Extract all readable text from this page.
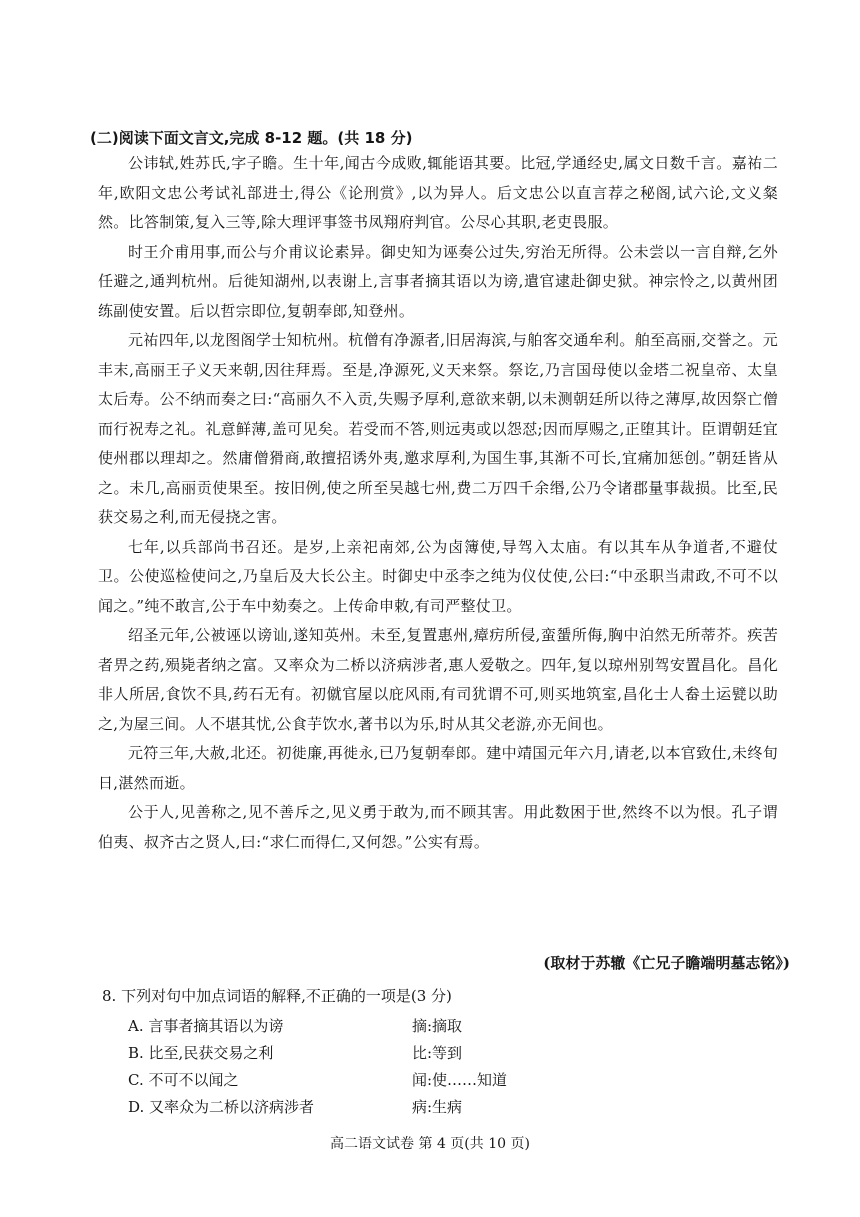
(二)阅读下面文言文,完成 8-12 题。(共 18 分)

公讳轼,姓苏氏,字子瞻。生十年,闻古今成败,辄能语其要。比冠,学通经史,属文日数千言。嘉祐二年,欧阳文忠公考试礼部进士,得公《论刑赏》,以为异人。后文忠公以直言荐之秘阁,试六论,文义粲然。比答制策,复入三等,除大理评事签书凤翔府判官。公尽心其职,老吏畏服。

时王介甫用事,而公与介甫议论素异。御史知为诬奏公过失,穷治无所得。公未尝以一言自辩,乞外任避之,通判杭州。后徙知湖州,以表谢上,言事者摘其语以为谤,遣官逮赴御史狱。神宗怜之,以黄州团练副使安置。后以哲宗即位,复朝奉郎,知登州。

元祐四年,以龙图阁学士知杭州。杭僧有净源者,旧居海滨,与舶客交通牟利。舶至高丽,交誉之。元丰末,高丽王子义天来朝,因往拜焉。至是,净源死,义天来祭。祭讫,乃言国母使以金塔二祝皇帝、太皇太后寿。公不纳而奏之曰:“高丽久不入贡,失赐予厚利,意欲来朝,以未测朝廷所以待之薄厚,故因祭亡僧而行祝寿之礼。礼意鲜薄,盖可见矣。若受而不答,则远夷或以怨怼;因而厚赐之,正堕其计。臣谓朝廷宜使州郡以理却之。然庸僧猾商,敢擅招诱外夷,邀求厚利,为国生事,其渐不可长,宜痛加惩创。”朝廷皆从之。未几,高丽贡使果至。按旧例,使之所至吴越七州,费二万四千余缗,公乃令诸郡量事裁损。比至,民获交易之利,而无侵挠之害。

七年,以兵部尚书召还。是岁,上亲祀南郊,公为卤簿使,导驾入太庙。有以其车从争道者,不避仗卫。公使巡检使问之,乃皇后及大长公主。时御史中丞李之纯为仪仗使,公曰:“中丞职当肃政,不可不以闻之。”纯不敢言,公于车中劾奏之。上传命申敕,有司严整仗卫。

绍圣元年,公被诬以谤讪,遂知英州。未至,复置惠州,瘴疠所侵,蛮蜑所侮,胸中泊然无所蒂芥。疾苦者畀之药,殒毙者纳之富。又率众为二桥以济病涉者,惠人爱敬之。四年,复以琼州别驾安置昌化。昌化非人所居,食饮不具,药石无有。初僦官屋以庇风雨,有司犹谓不可,则买地筑室,昌化士人畚土运甓以助之,为屋三间。人不堪其忧,公食芋饮水,著书以为乐,时从其父老游,亦无间也。

元符三年,大赦,北还。初徙廉,再徙永,已乃复朝奉郎。建中靖国元年六月,请老,以本官致仕,未终旬日,湛然而逝。

公于人,见善称之,见不善斥之,见义勇于敢为,而不顾其害。用此数困于世,然终不以为恨。孔子谓伯夷、叔齐古之贤人,曰:“求仁而得仁,又何怨。”公实有焉。

(取材于苏辙《亡兄子瞻端明墓志铭》)
8. 下列对句中加点词语的解释,不正确的一项是(3 分)
A. 言事者摘其语以为谤	摘:摘取
B. 比至,民获交易之利	比:等到
C. 不可不以闻之	闻:使……知道
D. 又率众为二桥以济病涉者	病:生病
高二语文试卷 第 4 页(共 10 页)
